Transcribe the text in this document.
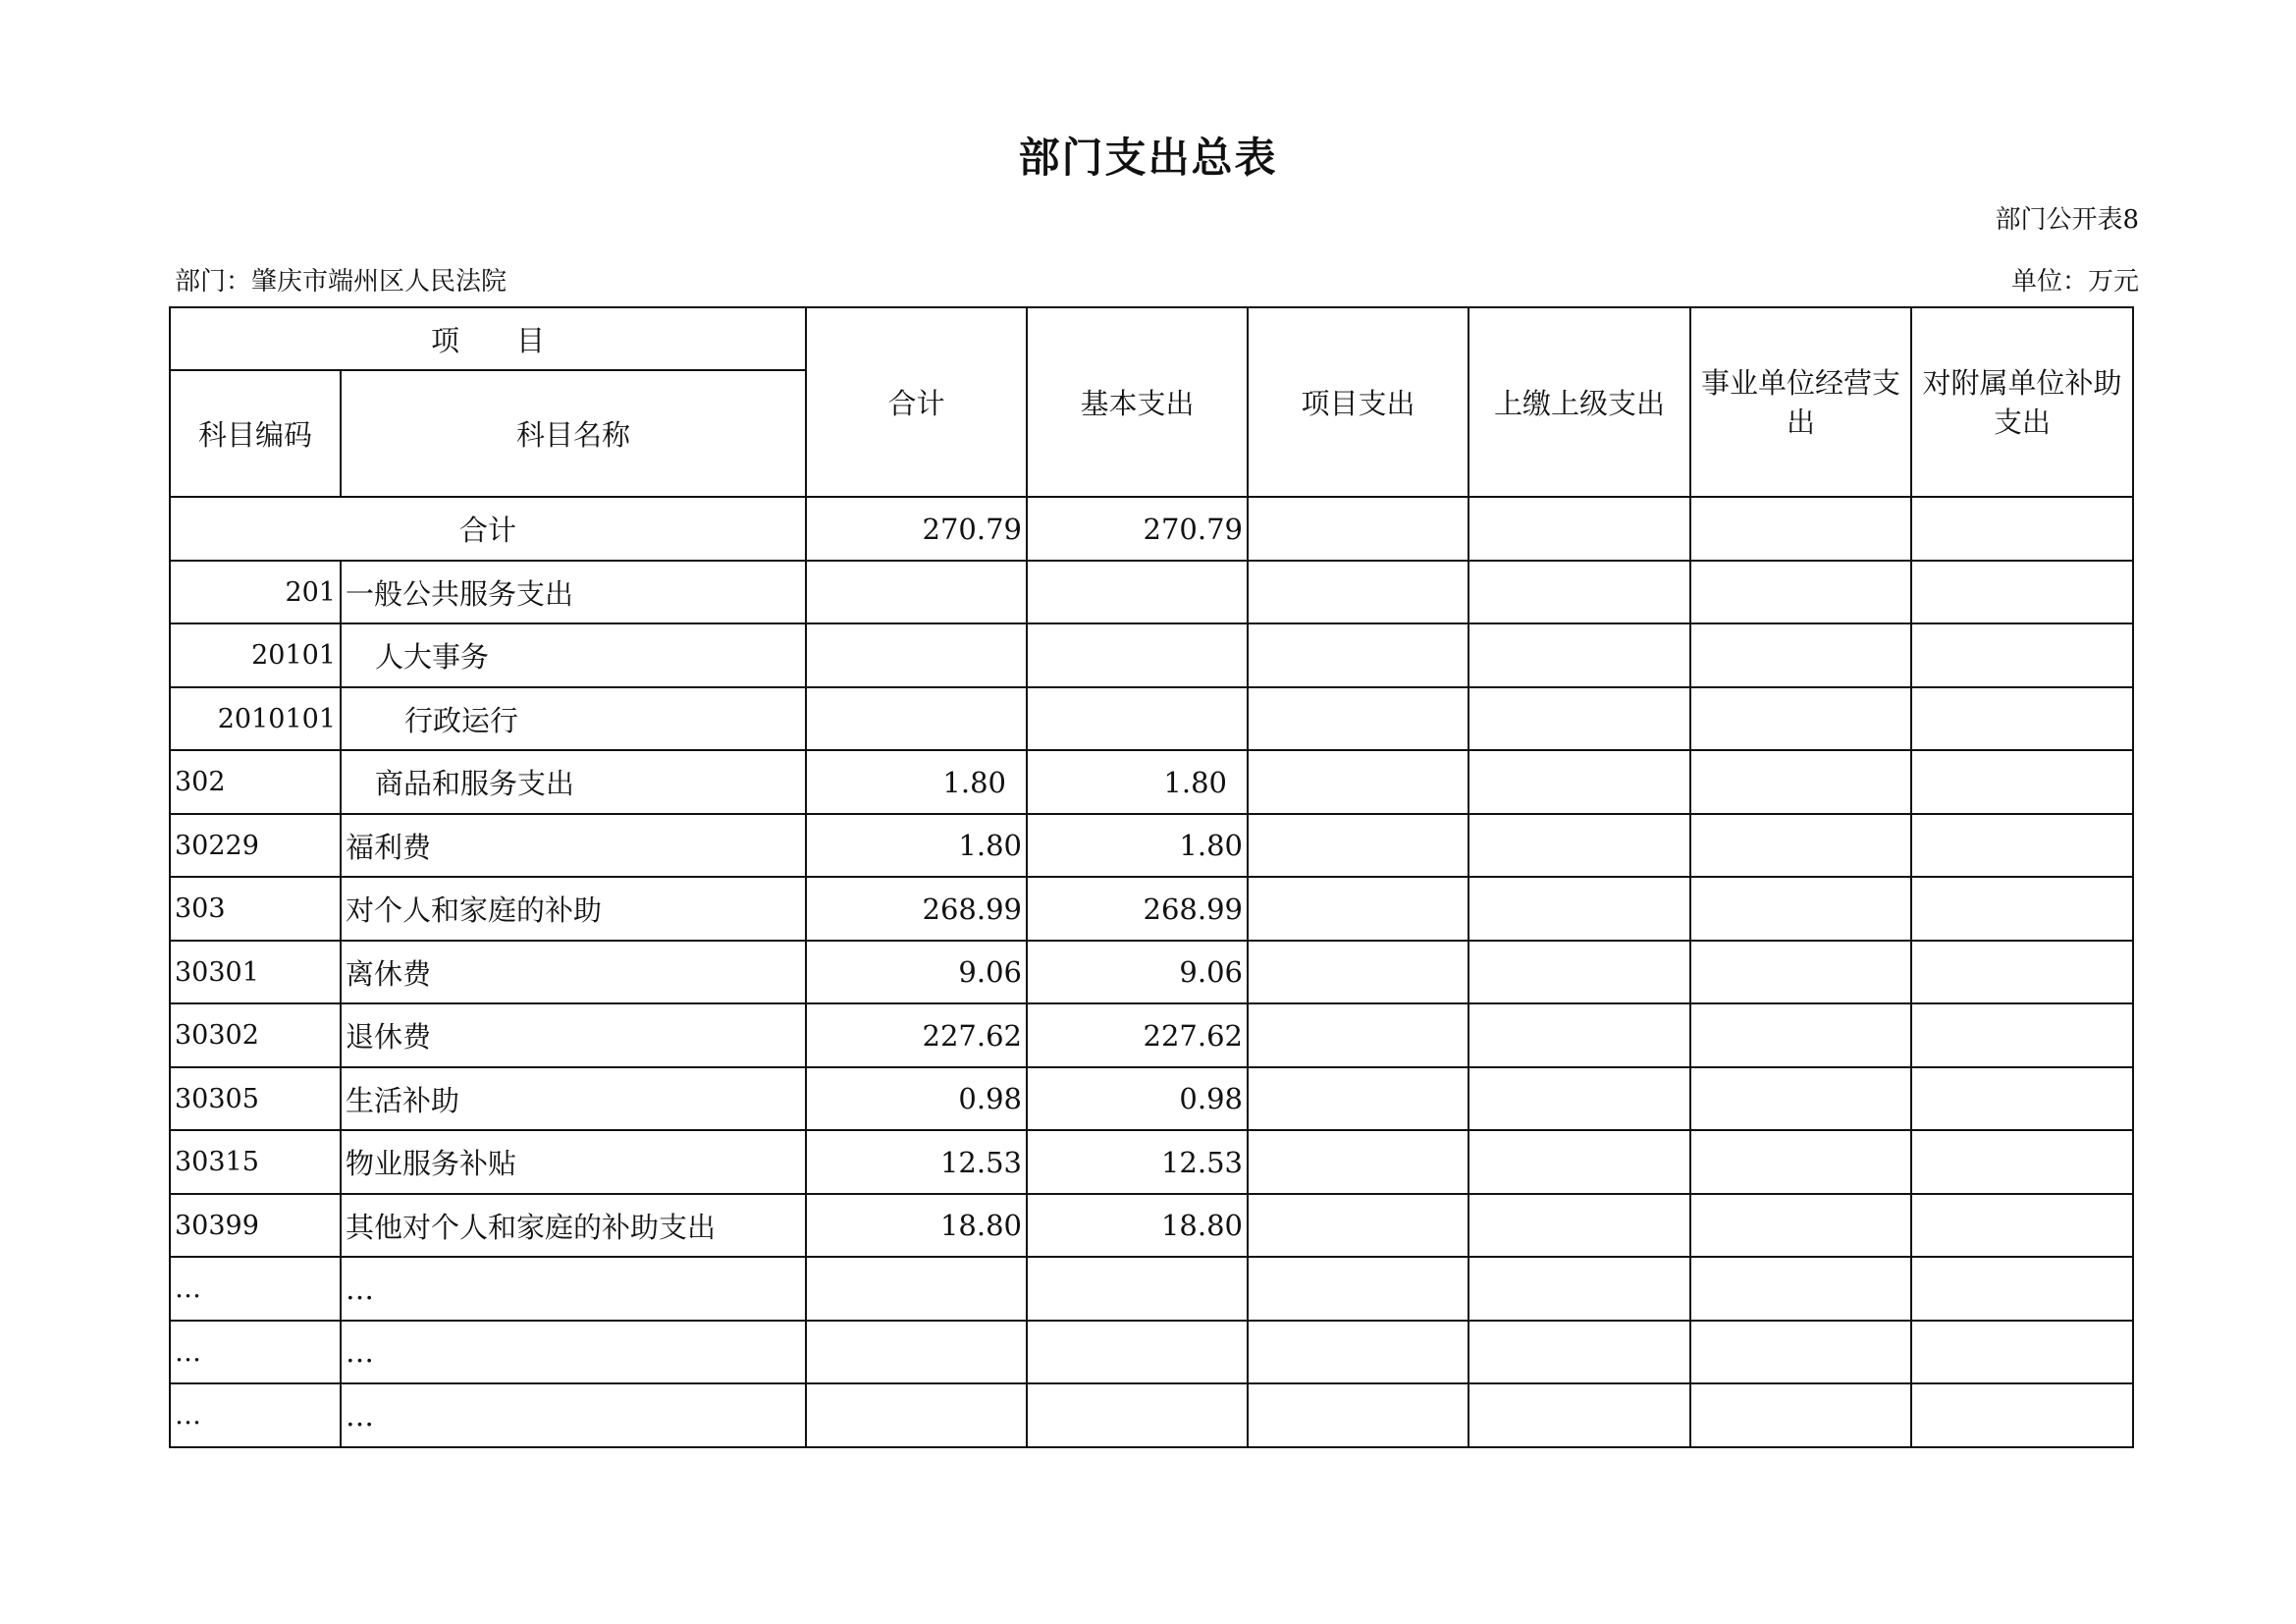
部门支出总表
部门公开表8
部门：肇庆市端州区人民法院	单位：万元
项　　目		合计	基本支出	项目支出	上缴上级支出	事业单位经营支出	对附属单位补助支出
科目编码	科目名称						
合计		270.79	270.79				
201	一般公共服务支出						
20101	人大事务						
2010101	行政运行						
302	商品和服务支出	1.80	1.80				
30229	福利费	1.80	1.80				
303	对个人和家庭的补助	268.99	268.99				
30301	离休费	9.06	9.06				
30302	退休费	227.62	227.62				
30305	生活补助	0.98	0.98				
30315	物业服务补贴	12.53	12.53				
30399	其他对个人和家庭的补助支出	18.80	18.80				
…	…						
…	…						
…	…						
